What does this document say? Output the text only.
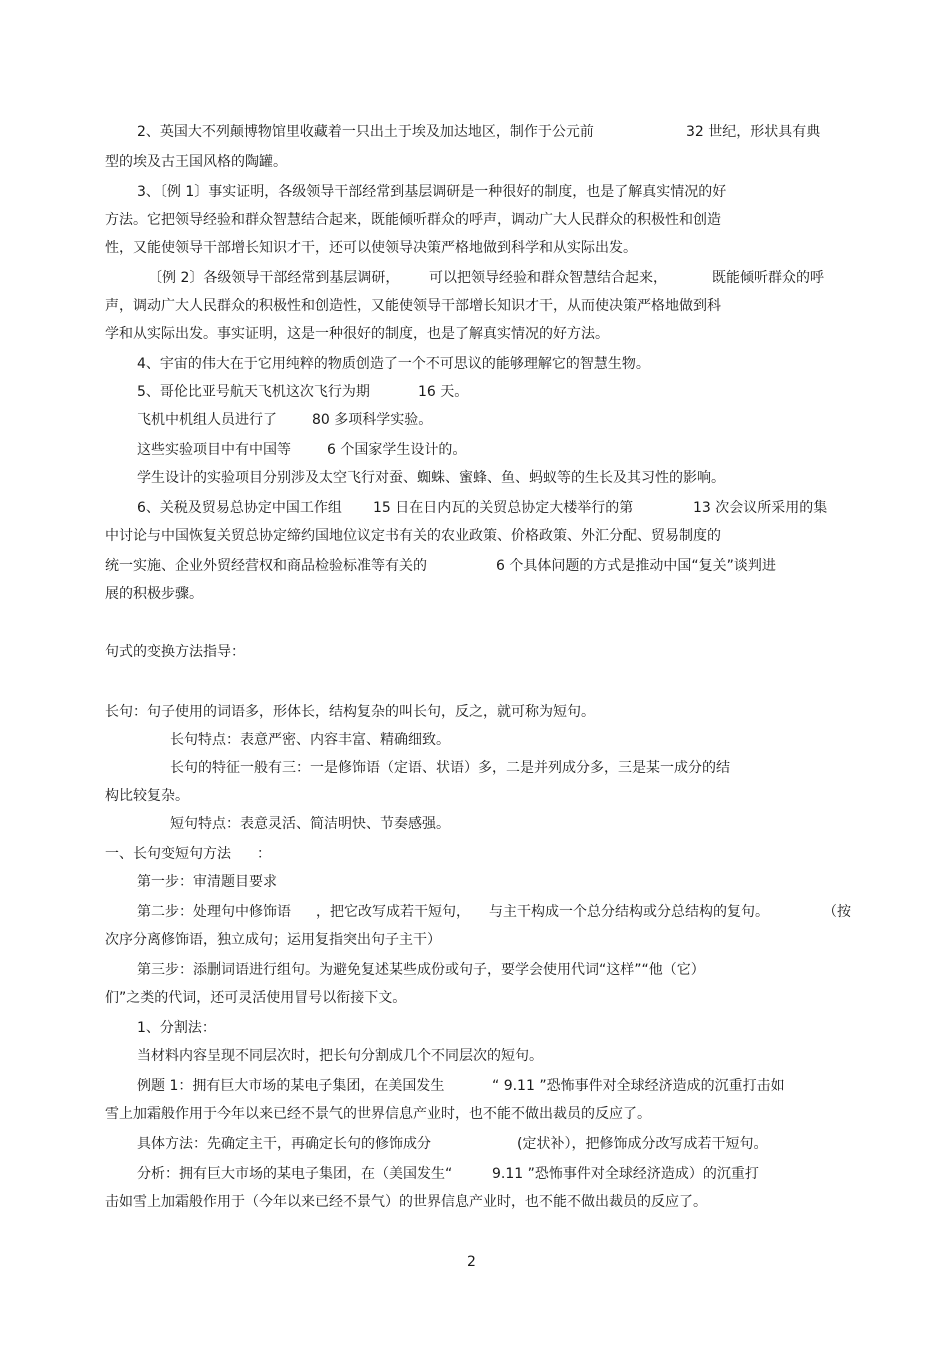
2、英国大不列颠博物馆里收藏着一只出土于埃及加达地区，制作于公元前	32 世纪，形状具有典
型的埃及古王国风格的陶罐。
3、〔例 1〕事实证明，各级领导干部经常到基层调研是一种很好的制度，也是了解真实情况的好
方法。它把领导经验和群众智慧结合起来，既能倾听群众的呼声，调动广大人民群众的积极性和创造
性，又能使领导干部增长知识才干，还可以使领导决策严格地做到科学和从实际出发。
〔例 2〕各级领导干部经常到基层调研， 可以把领导经验和群众智慧结合起来，	既能倾听群众的呼
声，调动广大人民群众的积极性和创造性，又能使领导干部增长知识才干，从而使决策严格地做到科
学和从实际出发。事实证明，这是一种很好的制度，也是了解真实情况的好方法。
4、宇宙的伟大在于它用纯粹的物质创造了一个不可思议的能够理解它的智慧生物。
5、哥伦比亚号航天飞机这次飞行为期	16 天。
飞机中机组人员进行了	80 多项科学实验。
这些实验项目中有中国等	6 个国家学生设计的。
学生设计的实验项目分别涉及太空飞行对蚕、蜘蛛、蜜蜂、鱼、蚂蚁等的生长及其习性的影响。
6、关税及贸易总协定中国工作组 15 日在日内瓦的关贸总协定大楼举行的第	13 次会议所采用的集
中讨论与中国恢复关贸总协定缔约国地位议定书有关的农业政策、价格政策、外汇分配、贸易制度的
统一实施、企业外贸经营权和商品检验标准等有关的	6 个具体问题的方式是推动中国“复关”谈判进
展的积极步骤。
句式的变换方法指导：
长句：句子使用的词语多，形体长，结构复杂的叫长句，反之，就可称为短句。
长句特点：表意严密、内容丰富、精确细致。
长句的特征一般有三：一是修饰语（定语、状语）多，二是并列成分多，三是某一成分的结
构比较复杂。
短句特点：表意灵活、简洁明快、节奏感强。
一、长句变短句方法 ：
第一步：审清题目要求
第二步：处理句中修饰语 ，把它改写成若干短句， 与主干构成一个总分结构或分总结构的复句。	（按
次序分离修饰语，独立成句；运用复指突出句子主干）
第三步：添删词语进行组句。为避免复述某些成份或句子，要学会使用代词“这样”“他（它）
们”之类的代词，还可灵活使用冒号以衔接下文。
1、分割法：
当材料内容呈现不同层次时，把长句分割成几个不同层次的短句。
例题 1：拥有巨大市场的某电子集团，在美国发生	“ 9.11 ”恐怖事件对全球经济造成的沉重打击如
雪上加霜般作用于今年以来已经不景气的世界信息产业时，也不能不做出裁员的反应了。
具体方法：先确定主干，再确定长句的修饰成分	(定状补），把修饰成分改写成若干短句。
分析：拥有巨大市场的某电子集团，在（美国发生“	9.11 ”恐怖事件对全球经济造成）的沉重打
击如雪上加霜般作用于（今年以来已经不景气）的世界信息产业时，也不能不做出裁员的反应了。
2
